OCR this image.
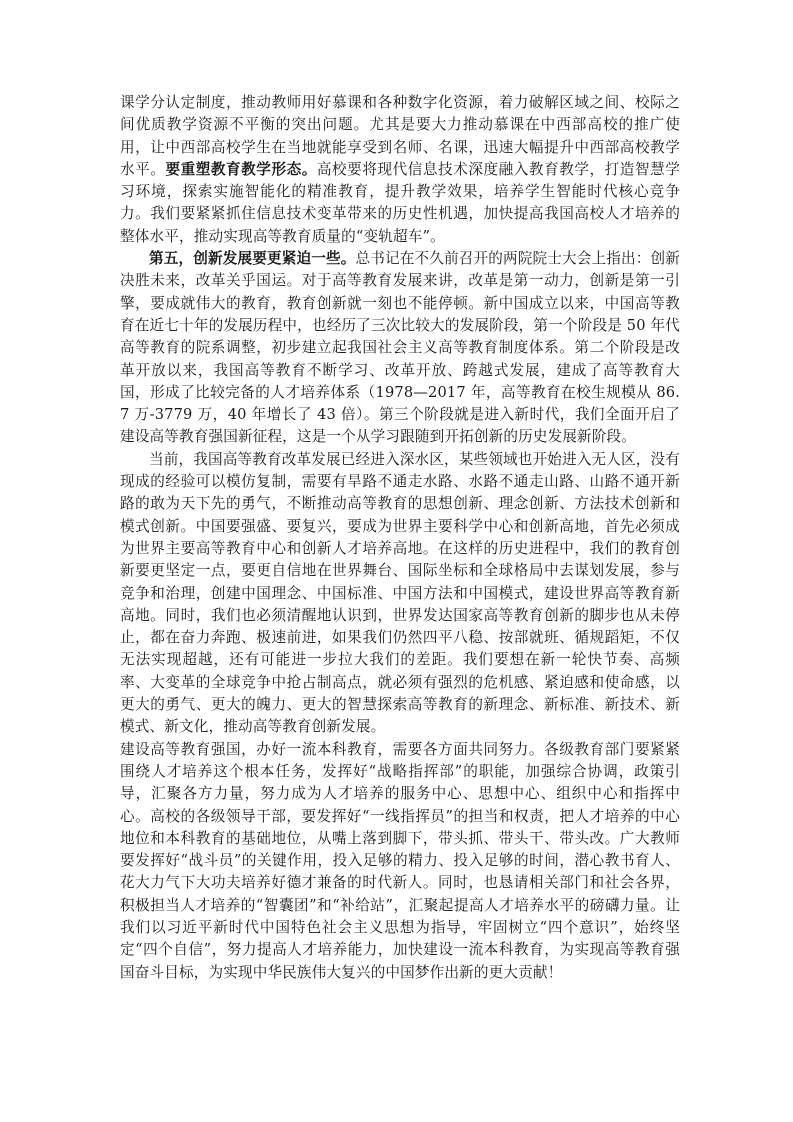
课学分认定制度，推动教师用好慕课和各种数字化资源，着力破解区域之间、校际之间优质教学资源不平衡的突出问题。尤其是要大力推动慕课在中西部高校的推广使用，让中西部高校学生在当地就能享受到名师、名课，迅速大幅提升中西部高校教学水平。要重塑教育教学形态。高校要将现代信息技术深度融入教育教学，打造智慧学习环境，探索实施智能化的精准教育，提升教学效果，培养学生智能时代核心竞争力。我们要紧紧抓住信息技术变革带来的历史性机遇，加快提高我国高校人才培养的整体水平，推动实现高等教育质量的“变轨超车”。

第五，创新发展要更紧迫一些。总书记在不久前召开的两院院士大会上指出：创新决胜未来，改革关乎国运。对于高等教育发展来讲，改革是第一动力，创新是第一引擎，要成就伟大的教育，教育创新就一刻也不能停顿。新中国成立以来，中国高等教育在近七十年的发展历程中，也经历了三次比较大的发展阶段，第一个阶段是 50 年代高等教育的院系调整，初步建立起我国社会主义高等教育制度体系。第二个阶段是改革开放以来，我国高等教育不断学习、改革开放、跨越式发展，建成了高等教育大国，形成了比较完备的人才培养体系（1978—2017 年，高等教育在校生规模从 86.7 万-3779 万，40 年增长了 43 倍）。第三个阶段就是进入新时代，我们全面开启了建设高等教育强国新征程，这是一个从学习跟随到开拓创新的历史发展新阶段。

当前，我国高等教育改革发展已经进入深水区，某些领域也开始进入无人区，没有现成的经验可以模仿复制，需要有旱路不通走水路、水路不通走山路、山路不通开新路的敢为天下先的勇气，不断推动高等教育的思想创新、理念创新、方法技术创新和模式创新。中国要强盛、要复兴，要成为世界主要科学中心和创新高地，首先必须成为世界主要高等教育中心和创新人才培养高地。在这样的历史进程中，我们的教育创新要更坚定一点，要更自信地在世界舞台、国际坐标和全球格局中去谋划发展，参与竞争和治理，创建中国理念、中国标准、中国方法和中国模式，建设世界高等教育新高地。同时，我们也必须清醒地认识到，世界发达国家高等教育创新的脚步也从未停止，都在奋力奔跑、极速前进，如果我们仍然四平八稳、按部就班、循规蹈矩，不仅无法实现超越，还有可能进一步拉大我们的差距。我们要想在新一轮快节奏、高频率、大变革的全球竞争中抢占制高点，就必须有强烈的危机感、紧迫感和使命感，以更大的勇气、更大的魄力、更大的智慧探索高等教育的新理念、新标准、新技术、新模式、新文化，推动高等教育创新发展。

建设高等教育强国，办好一流本科教育，需要各方面共同努力。各级教育部门要紧紧围绕人才培养这个根本任务，发挥好“战略指挥部”的职能，加强综合协调，政策引导，汇聚各方力量，努力成为人才培养的服务中心、思想中心、组织中心和指挥中心。高校的各级领导干部，要发挥好“一线指挥员”的担当和权责，把人才培养的中心地位和本科教育的基础地位，从嘴上落到脚下，带头抓、带头干、带头改。广大教师要发挥好“战斗员”的关键作用，投入足够的精力、投入足够的时间，潜心教书育人、花大力气下大功夫培养好德才兼备的时代新人。同时，也恳请相关部门和社会各界，积极担当人才培养的“智囊团”和“补给站”，汇聚起提高人才培养水平的磅礴力量。让我们以习近平新时代中国特色社会主义思想为指导，牢固树立“四个意识”，始终坚定“四个自信”，努力提高人才培养能力，加快建设一流本科教育，为实现高等教育强国奋斗目标，为实现中华民族伟大复兴的中国梦作出新的更大贡献！
